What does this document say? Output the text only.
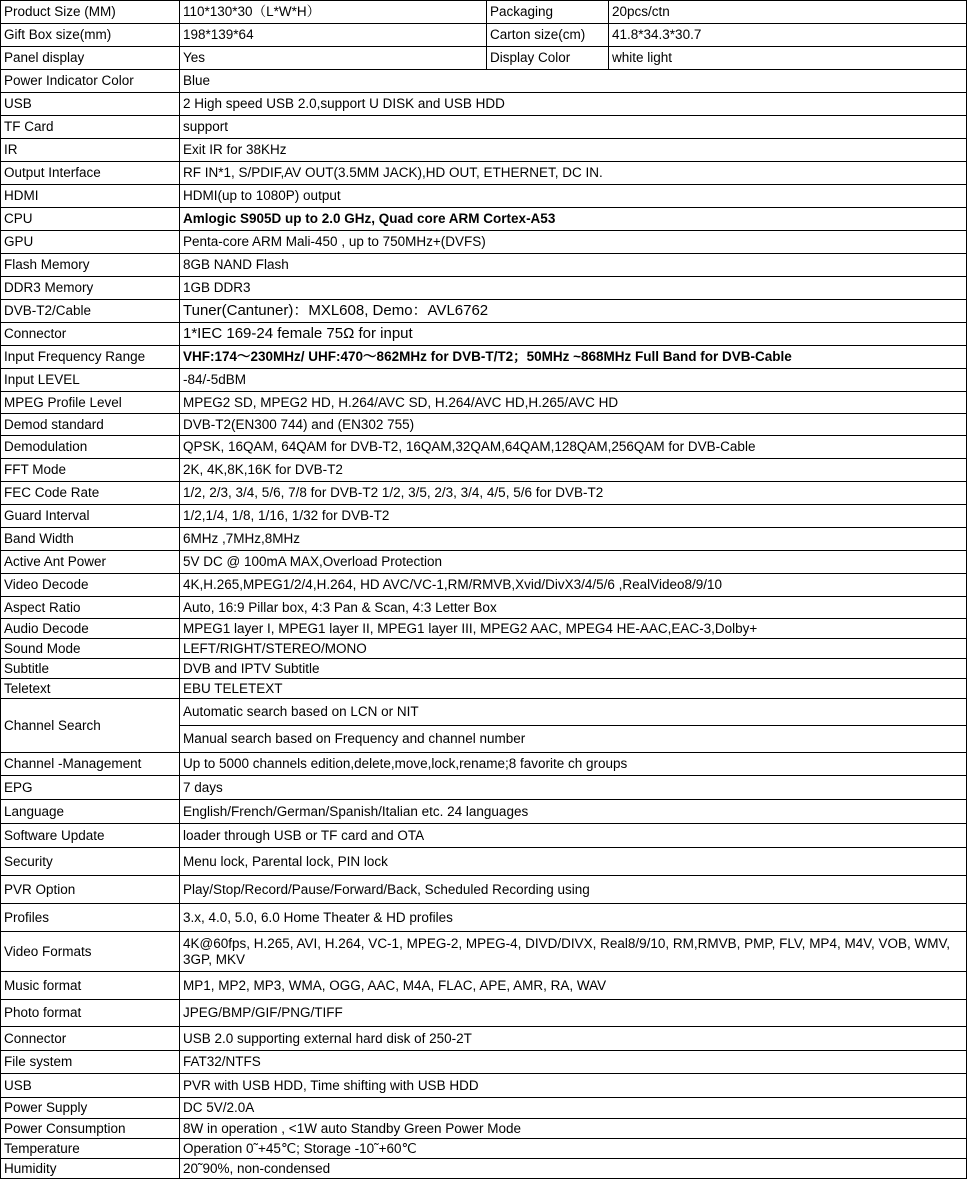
Product Size (MM)	110*130*30（L*W*H）	Packaging	20pcs/ctn
Gift Box size(mm)	198*139*64	Carton size(cm)	41.8*34.3*30.7
Panel display	Yes	Display Color	white light
Power Indicator Color	Blue		
USB	2 High speed USB 2.0,support U DISK and USB HDD		
TF Card	support		
IR	Exit IR for 38KHz		
Output Interface	RF IN*1, S/PDIF,AV OUT(3.5MM JACK),HD OUT, ETHERNET, DC IN.		
HDMI	HDMI(up to 1080P) output		
CPU	Amlogic S905D up to 2.0 GHz, Quad core ARM Cortex-A53		
GPU	Penta-core ARM Mali-450 , up to 750MHz+(DVFS)		
Flash Memory	8GB NAND Flash		
DDR3 Memory	1GB DDR3		
DVB-T2/Cable	Tuner(Cantuner)：MXL608, Demo：AVL6762		
Connector	1*IEC 169-24 female 75Ω for input		
Input Frequency Range	VHF:174～230MHz/ UHF:470～862MHz for DVB-T/T2；50MHz ~868MHz Full Band for DVB-Cable		
Input LEVEL	-84/-5dBM		
MPEG Profile Level	MPEG2 SD, MPEG2 HD, H.264/AVC SD, H.264/AVC HD,H.265/AVC HD		
Demod standard	DVB-T2(EN300 744) and (EN302 755)		
Demodulation	QPSK, 16QAM, 64QAM for DVB-T2, 16QAM,32QAM,64QAM,128QAM,256QAM for DVB-Cable		
FFT Mode	2K, 4K,8K,16K for DVB-T2		
FEC Code Rate	1/2, 2/3, 3/4, 5/6, 7/8 for DVB-T2 1/2, 3/5, 2/3, 3/4, 4/5, 5/6 for DVB-T2		
Guard Interval	1/2,1/4, 1/8, 1/16, 1/32 for DVB-T2		
Band Width	6MHz ,7MHz,8MHz		
Active Ant Power	5V DC @ 100mA MAX,Overload Protection		
Video Decode	4K,H.265,MPEG1/2/4,H.264, HD AVC/VC-1,RM/RMVB,Xvid/DivX3/4/5/6 ,RealVideo8/9/10		
Aspect Ratio	Auto, 16:9 Pillar box, 4:3 Pan & Scan, 4:3 Letter Box		
Audio Decode	MPEG1 layer I, MPEG1 layer II, MPEG1 layer III, MPEG2 AAC, MPEG4 HE-AAC,EAC-3,Dolby+		
Sound Mode	LEFT/RIGHT/STEREO/MONO		
Subtitle	DVB and IPTV Subtitle		
Teletext	EBU TELETEXT		
Channel Search	Automatic search based on LCN or NIT		
	Manual search based on Frequency and channel number		
Channel -Management	Up to 5000 channels edition,delete,move,lock,rename;8 favorite ch groups		
EPG	7 days		
Language	English/French/German/Spanish/Italian etc. 24 languages		
Software Update	loader through USB or TF card and OTA		
Security	Menu lock, Parental lock, PIN lock		
PVR Option	Play/Stop/Record/Pause/Forward/Back, Scheduled Recording using		
Profiles	3.x, 4.0, 5.0, 6.0 Home Theater & HD profiles		
Video Formats	4K@60fps, H.265, AVI, H.264, VC-1, MPEG-2, MPEG-4, DIVD/DIVX, Real8/9/10, RM,RMVB, PMP, FLV, MP4, M4V, VOB, WMV, 3GP, MKV		
Music format	MP1, MP2, MP3, WMA, OGG, AAC, M4A, FLAC, APE, AMR, RA, WAV		
Photo format	JPEG/BMP/GIF/PNG/TIFF		
Connector	USB 2.0 supporting external hard disk of 250-2T		
File system	FAT32/NTFS		
USB	PVR with USB HDD, Time shifting with USB HDD		
Power Supply	DC 5V/2.0A		
Power Consumption	8W in operation , <1W auto Standby Green Power Mode		
Temperature	Operation 0˜+45℃; Storage -10˜+60℃		
Humidity	20˜90%, non-condensed		
